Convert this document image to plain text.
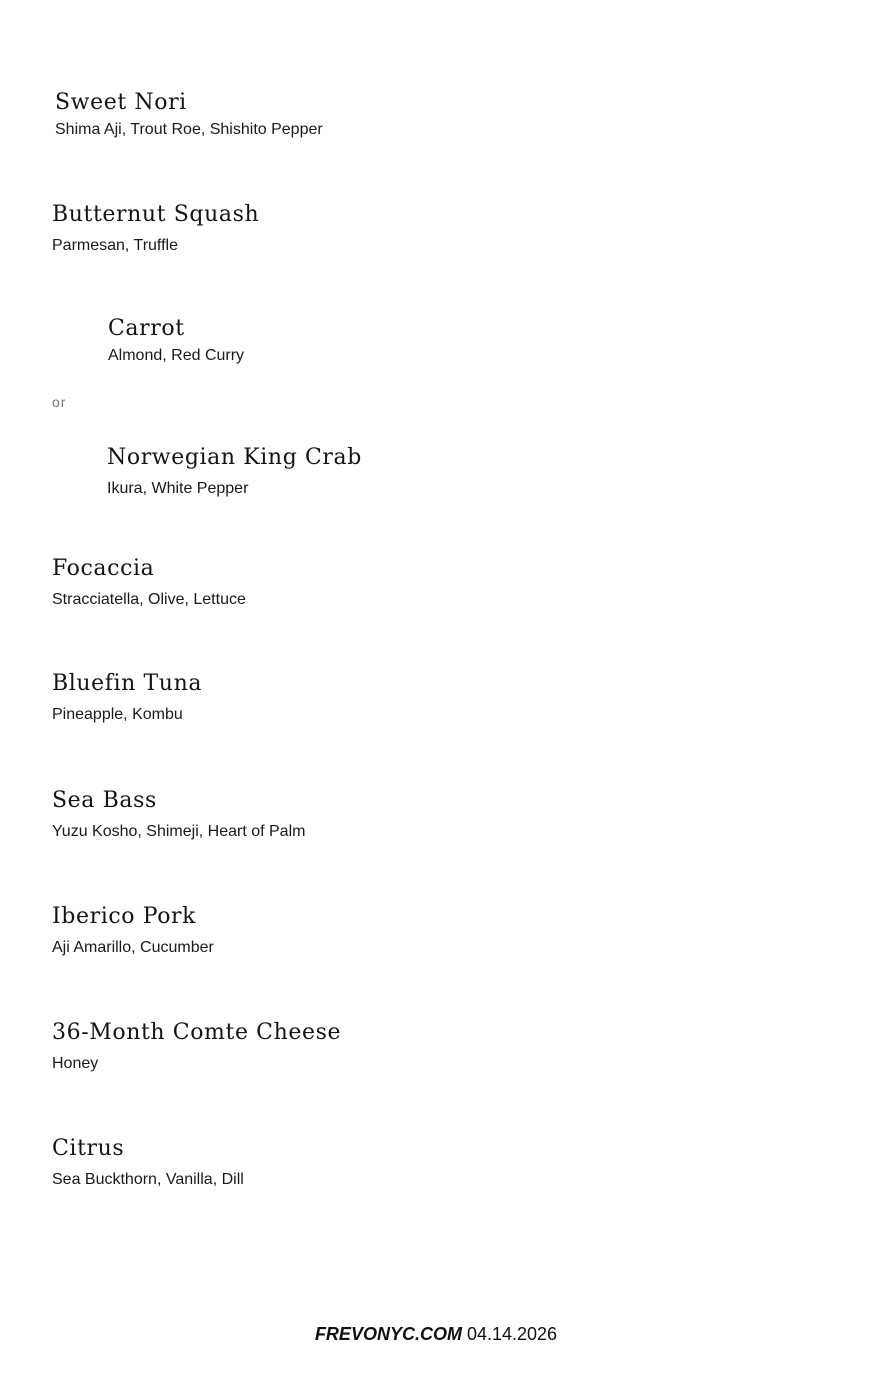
Sweet Nori
Shima Aji, Trout Roe, Shishito Pepper
Butternut Squash
Parmesan, Truffle
Carrot
Almond, Red Curry
or
Norwegian King Crab
Ikura, White Pepper
Focaccia
Stracciatella, Olive, Lettuce
Bluefin Tuna
Pineapple, Kombu
Sea Bass
Yuzu Kosho, Shimeji, Heart of Palm
Iberico Pork
Aji Amarillo, Cucumber
36-Month Comte Cheese
Honey
Citrus
Sea Buckthorn, Vanilla, Dill
FREVONYC.COM 04.14.2026
